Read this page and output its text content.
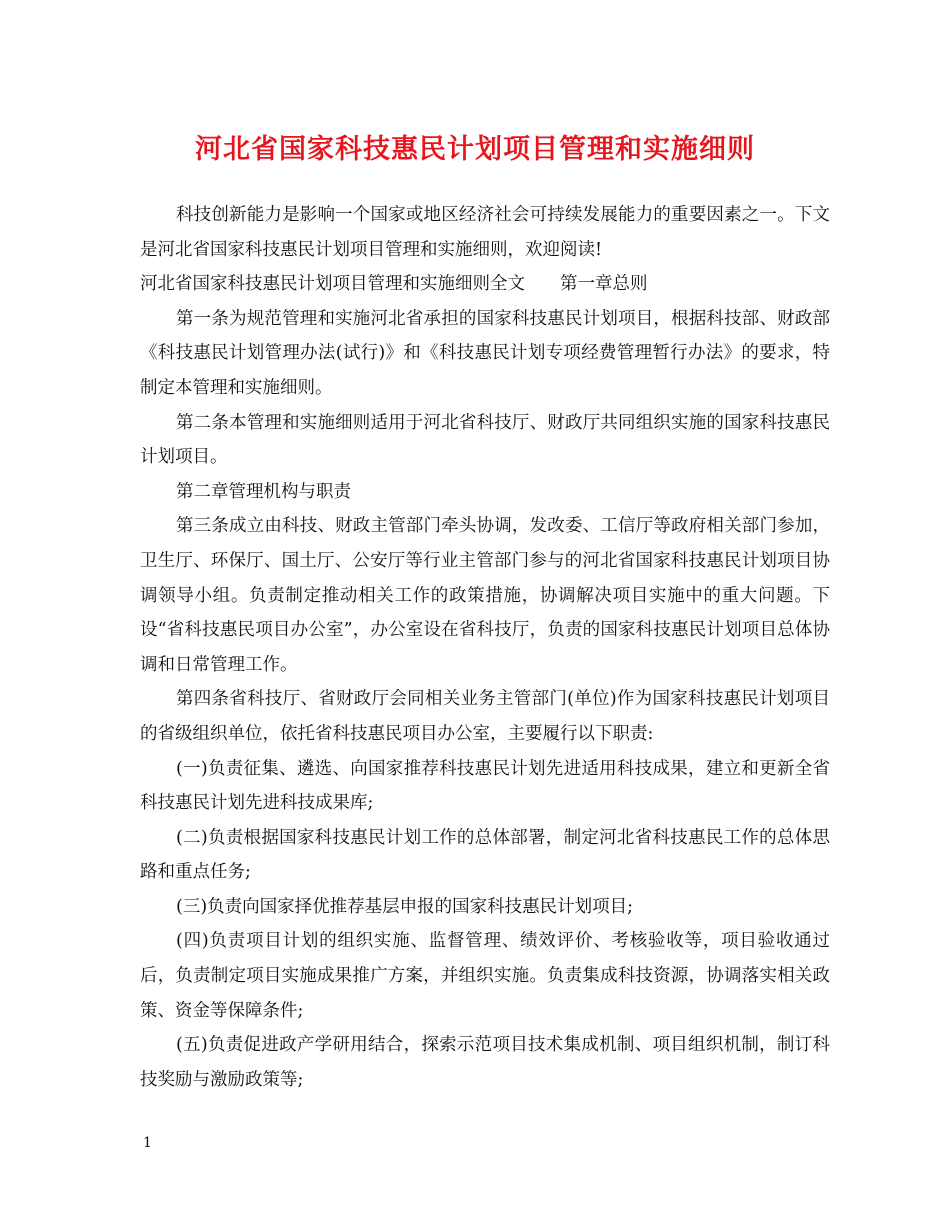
河北省国家科技惠民计划项目管理和实施细则

科技创新能力是影响一个国家或地区经济社会可持续发展能力的重要因素之一。下文是河北省国家科技惠民计划项目管理和实施细则，欢迎阅读!

河北省国家科技惠民计划项目管理和实施细则全文　　第一章总则

第一条为规范管理和实施河北省承担的国家科技惠民计划项目，根据科技部、财政部《科技惠民计划管理办法(试行)》和《科技惠民计划专项经费管理暂行办法》的要求，特制定本管理和实施细则。

第二条本管理和实施细则适用于河北省科技厅、财政厅共同组织实施的国家科技惠民计划项目。

第二章管理机构与职责

第三条成立由科技、财政主管部门牵头协调，发改委、工信厅等政府相关部门参加，卫生厅、环保厅、国土厅、公安厅等行业主管部门参与的河北省国家科技惠民计划项目协调领导小组。负责制定推动相关工作的政策措施，协调解决项目实施中的重大问题。下设“省科技惠民项目办公室”，办公室设在省科技厅，负责的国家科技惠民计划项目总体协调和日常管理工作。

第四条省科技厅、省财政厅会同相关业务主管部门(单位)作为国家科技惠民计划项目的省级组织单位，依托省科技惠民项目办公室，主要履行以下职责:

(一)负责征集、遴选、向国家推荐科技惠民计划先进适用科技成果，建立和更新全省科技惠民计划先进科技成果库;

(二)负责根据国家科技惠民计划工作的总体部署，制定河北省科技惠民工作的总体思路和重点任务;

(三)负责向国家择优推荐基层申报的国家科技惠民计划项目;

(四)负责项目计划的组织实施、监督管理、绩效评价、考核验收等，项目验收通过后，负责制定项目实施成果推广方案，并组织实施。负责集成科技资源，协调落实相关政策、资金等保障条件;

(五)负责促进政产学研用结合，探索示范项目技术集成机制、项目组织机制，制订科技奖励与激励政策等;

1
